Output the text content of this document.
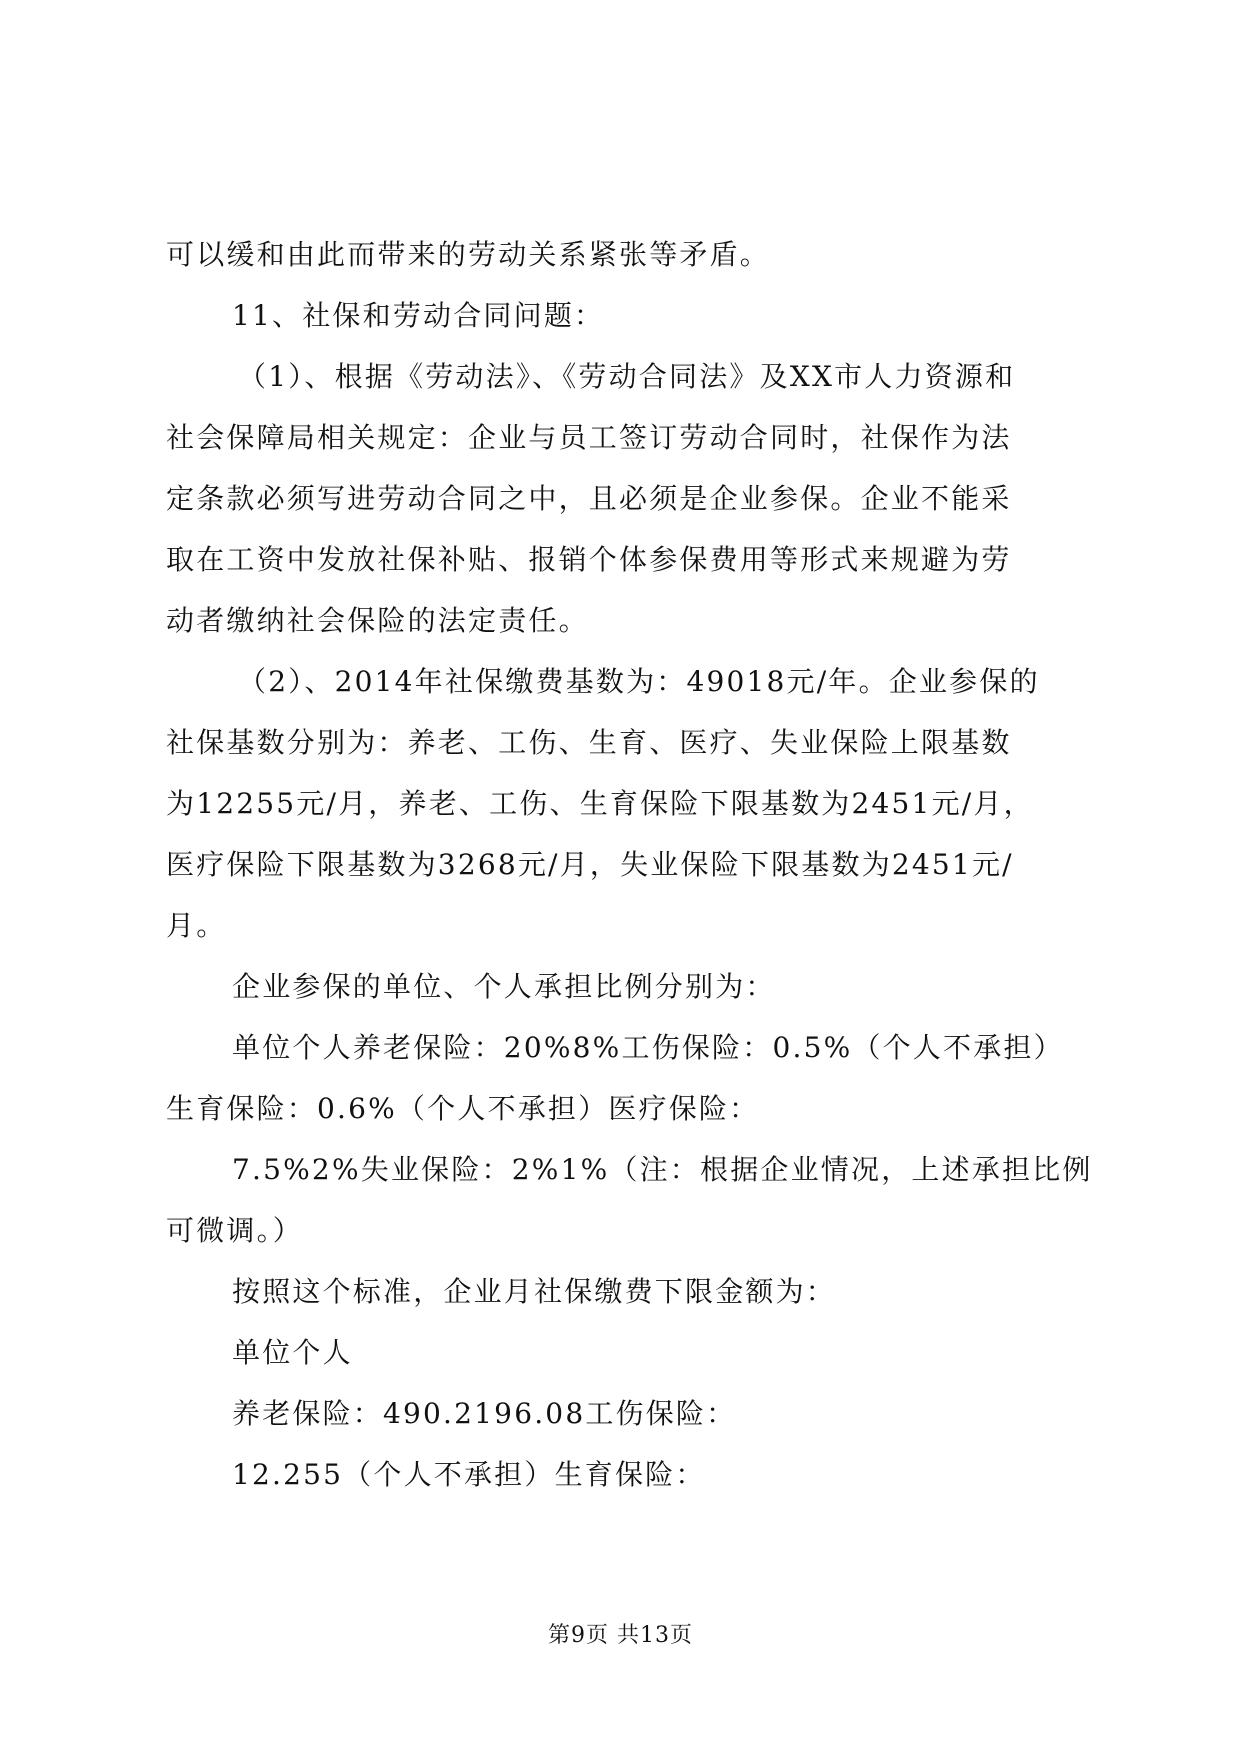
可以缓和由此而带来的劳动关系紧张等矛盾。
11、社保和劳动合同问题：
（1）、根据《劳动法》、《劳动合同法》及XX市人力资源和
社会保障局相关规定：企业与员工签订劳动合同时，社保作为法
定条款必须写进劳动合同之中，且必须是企业参保。企业不能采
取在工资中发放社保补贴、报销个体参保费用等形式来规避为劳
动者缴纳社会保险的法定责任。
（2）、2014年社保缴费基数为：49018元/年。企业参保的
社保基数分别为：养老、工伤、生育、医疗、失业保险上限基数
为12255元/月，养老、工伤、生育保险下限基数为2451元/月，
医疗保险下限基数为3268元/月，失业保险下限基数为2451元/
月。
企业参保的单位、个人承担比例分别为：
单位个人养老保险：20%8%工伤保险：0.5%（个人不承担）
生育保险：0.6%（个人不承担）医疗保险：
7.5%2%失业保险：2%1%（注：根据企业情况，上述承担比例
可微调。）
按照这个标准，企业月社保缴费下限金额为：
单位个人
养老保险：490.2196.08工伤保险：
12.255（个人不承担）生育保险：
第9页 共13页
